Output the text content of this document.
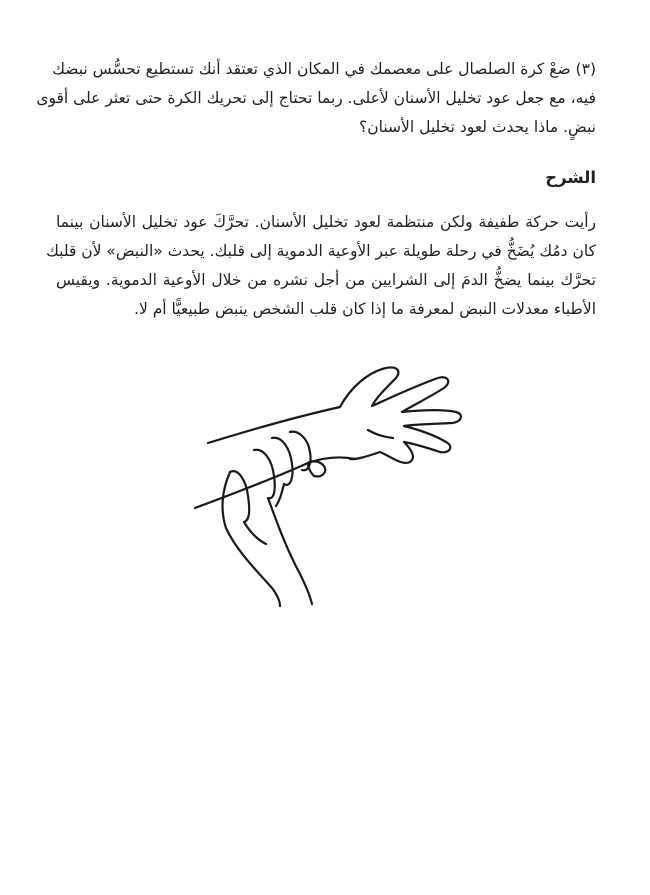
(٣) ضعْ كرة الصلصال على معصمك في المكان الذي تعتقد أنك تستطيع تحسُّس نبضك
فيه، مع جعل عود تخليل الأسنان لأعلى. ربما تحتاج إلى تحريك الكرة حتى تعثر على أقوى
نبضٍ. ماذا يحدث لعود تخليل الأسنان؟

الشرح

رأيت حركة طفيفة ولكن منتظمة لعود تخليل الأسنان. تحرَّكَ عود تخليل الأسنان بينما
كان دمُك يُضَخُّ في رحلة طويلة عبر الأوعية الدموية إلى قلبك. يحدث «النبض» لأن قلبك
تحرَّك بينما يضخُّ الدمَ إلى الشرايين من أجل نشره من خلال الأوعية الدموية. ويقيس
الأطباء معدلات النبض لمعرفة ما إذا كان قلب الشخص ينبض طبيعيًّا أم لا.
